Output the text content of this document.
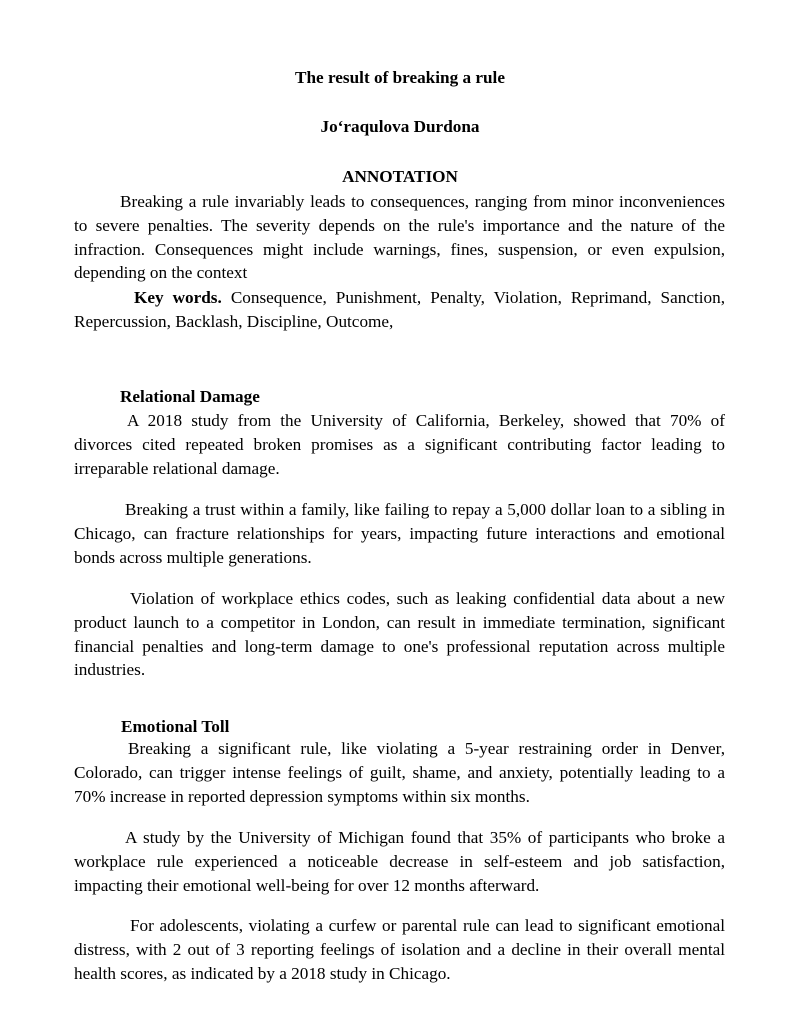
The result of breaking a rule

Jo‘raqulova Durdona

ANNOTATION

Breaking a rule invariably leads to consequences, ranging from minor inconveniences to severe penalties. The severity depends on the rule's importance and the nature of the infraction. Consequences might include warnings, fines, suspension, or even expulsion, depending on the context

Key words. Consequence, Punishment, Penalty, Violation, Reprimand, Sanction, Repercussion, Backlash, Discipline, Outcome,

Relational Damage

A 2018 study from the University of California, Berkeley, showed that 70% of divorces cited repeated broken promises as a significant contributing factor leading to irreparable relational damage.

Breaking a trust within a family, like failing to repay a 5,000 dollar loan to a sibling in Chicago, can fracture relationships for years, impacting future interactions and emotional bonds across multiple generations.

Violation of workplace ethics codes, such as leaking confidential data about a new product launch to a competitor in London, can result in immediate termination, significant financial penalties and long-term damage to one's professional reputation across multiple industries.

Emotional Toll

Breaking a significant rule, like violating a 5-year restraining order in Denver, Colorado, can trigger intense feelings of guilt, shame, and anxiety, potentially leading to a 70% increase in reported depression symptoms within six months.

A study by the University of Michigan found that 35% of participants who broke a workplace rule experienced a noticeable decrease in self-esteem and job satisfaction, impacting their emotional well-being for over 12 months afterward.

For adolescents, violating a curfew or parental rule can lead to significant emotional distress, with 2 out of 3 reporting feelings of isolation and a decline in their overall mental health scores, as indicated by a 2018 study in Chicago.
